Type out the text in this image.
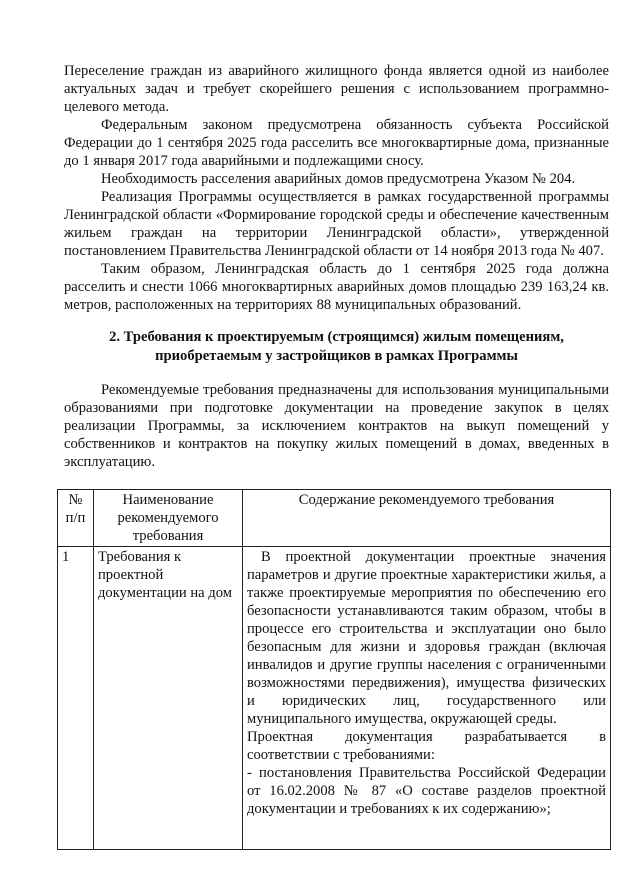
Переселение граждан из аварийного жилищного фонда является одной из наиболее актуальных задач и требует скорейшего решения с использованием программно-целевого метода.

Федеральным законом предусмотрена обязанность субъекта Российской Федерации до 1 сентября 2025 года расселить все многоквартирные дома, признанные до 1 января 2017 года аварийными и подлежащими сносу.

Необходимость расселения аварийных домов предусмотрена Указом № 204.

Реализация Программы осуществляется в рамках государственной программы Ленинградской области «Формирование городской среды и обеспечение качественным жильем граждан на территории Ленинградской области», утвержденной постановлением Правительства Ленинградской области от 14 ноября 2013 года № 407.

Таким образом, Ленинградская область до 1 сентября 2025 года должна расселить и снести 1066 многоквартирных аварийных домов площадью 239 163,24 кв. метров, расположенных на территориях 88 муниципальных образований.

2. Требования к проектируемым (строящимся) жилым помещениям,
приобретаемым у застройщиков в рамках Программы

Рекомендуемые требования предназначены для использования муниципальными образованиями при подготовке документации на проведение закупок в целях реализации Программы, за исключением контрактов на выкуп помещений у собственников и контрактов на покупку жилых помещений в домах, введенных в эксплуатацию.

№ п/п	Наименование рекомендуемого требования	Содержание рекомендуемого требования
1	Требования к проектной документации на дом	В проектной документации проектные значения параметров и другие проектные характеристики жилья, а также проектируемые мероприятия по обеспечению его безопасности устанавливаются таким образом, чтобы в процессе его строительства и эксплуатации оно было безопасным для жизни и здоровья граждан (включая инвалидов и другие группы населения с ограниченными возможностями передвижения), имущества физических и юридических лиц, государственного или муниципального имущества, окружающей среды.

Проектная документация разрабатывается в соответствии с требованиями:

- постановления Правительства Российской Федерации от 16.02.2008 № 87 «О составе разделов проектной документации и требованиях к их содержанию»;
